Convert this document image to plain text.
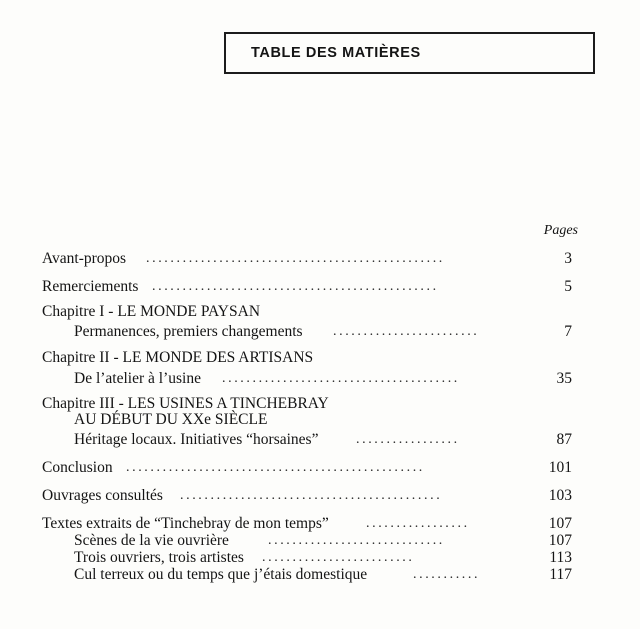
TABLE DES MATIÈRES
Pages
Avant-propos .................................................	3
Remerciements ...............................................	5
Chapitre I - LE MONDE PAYSAN
Permanences, premiers changements ........................	7
Chapitre II - LE MONDE DES ARTISANS
De l’atelier à l’usine .......................................	35
Chapitre III - LES USINES A TINCHEBRAY
AU DÉBUT DU XXe SIÈCLE
Héritage locaux. Initiatives “horsaines”	.................	87
Conclusion .................................................	101
Ouvrages consultés ...........................................	103
Textes extraits de “Tinchebray de mon temps”	.................	107
Scènes de la vie ouvrière	.............................	107
Trois ouvriers, trois artistes .........................	113
Cul terreux ou du temps que j’étais domestique	...........	117
